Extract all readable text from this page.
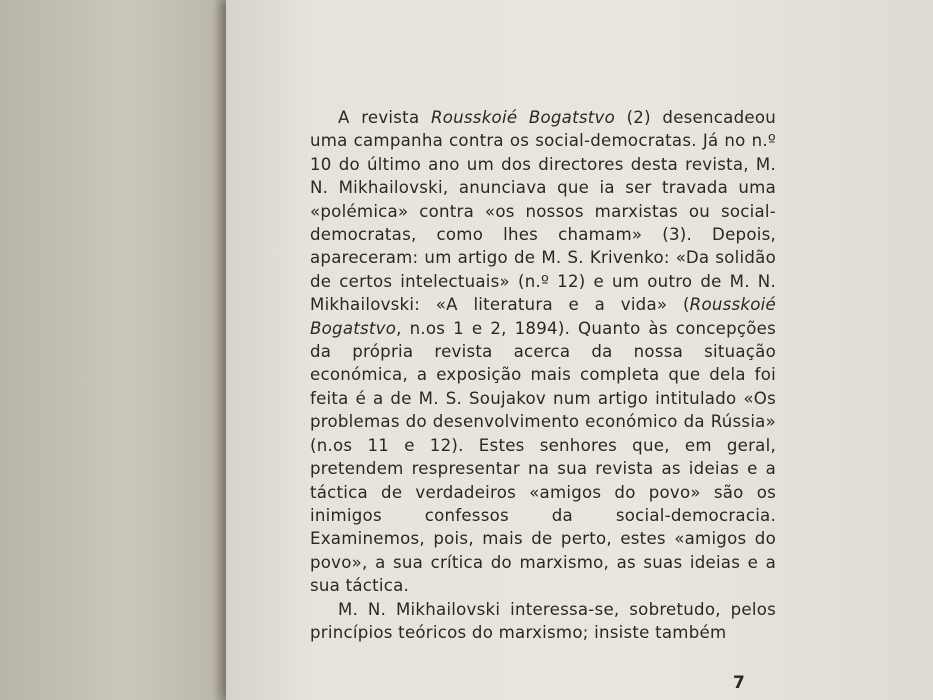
A revista Rousskoié Bogatstvo (2) desencadeou uma campanha contra os social-democratas. Já no n.º 10 do último ano um dos directores desta revista, M. N. Mikhailovski, anunciava que ia ser travada uma «polémica» contra «os nossos marxistas ou social-democratas, como lhes chamam» (3). Depois, apareceram: um artigo de M. S. Krivenko: «Da solidão de certos intelectuais» (n.º 12) e um outro de M. N. Mikhailovski: «A literatura e a vida» (Rousskoié Bogatstvo, n.os 1 e 2, 1894). Quanto às concepções da própria revista acerca da nossa situação económica, a exposição mais completa que dela foi feita é a de M. S. Soujakov num artigo intitulado «Os problemas do desenvolvimento económico da Rússia» (n.os 11 e 12). Estes senhores que, em geral, pretendem respresentar na sua revista as ideias e a táctica de verdadeiros «amigos do povo» são os inimigos confessos da social-democracia. Examinemos, pois, mais de perto, estes «amigos do povo», a sua crítica do marxismo, as suas ideias e a sua táctica.

M. N. Mikhailovski interessa-se, sobretudo, pelos princípios teóricos do marxismo; insiste também

7
